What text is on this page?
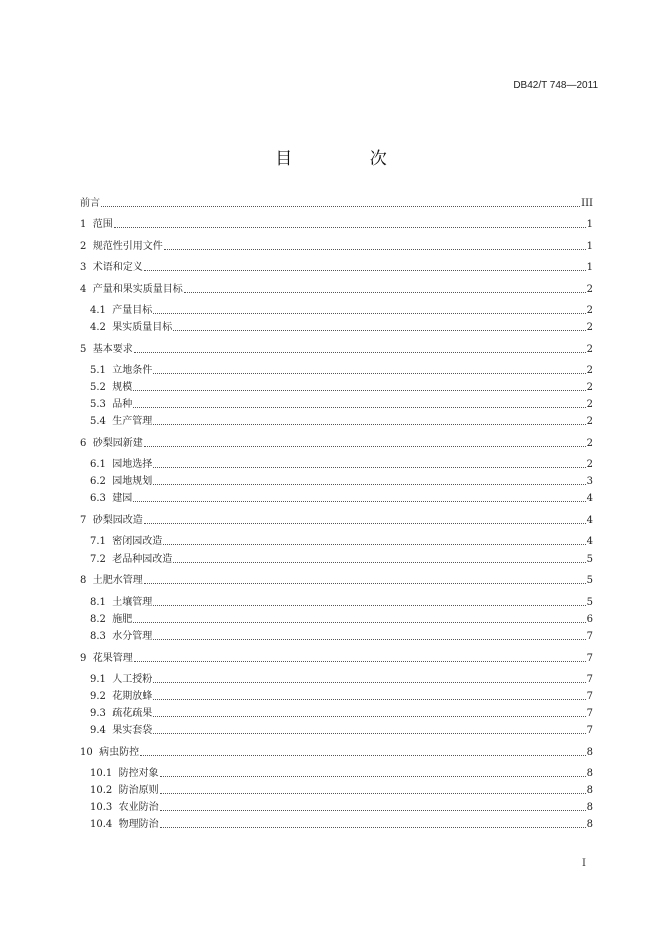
DB42/T 748—2011
目 次
前言	III
1 范围	1
2 规范性引用文件	1
3 术语和定义	1
4 产量和果实质量目标	2
4.1 产量目标	2
4.2 果实质量目标	2
5 基本要求	2
5.1 立地条件	2
5.2 规模	2
5.3 品种	2
5.4 生产管理	2
6 砂梨园新建	2
6.1 园地选择	2
6.2 园地规划	3
6.3 建园	4
7 砂梨园改造	4
7.1 密闭园改造	4
7.2 老品种园改造	5
8 土肥水管理	5
8.1 土壤管理	5
8.2 施肥	6
8.3 水分管理	7
9 花果管理	7
9.1 人工授粉	7
9.2 花期放蜂	7
9.3 疏花疏果	7
9.4 果实套袋	7
10 病虫防控	8
10.1 防控对象	8
10.2 防治原则	8
10.3 农业防治	8
10.4 物理防治	8
I
